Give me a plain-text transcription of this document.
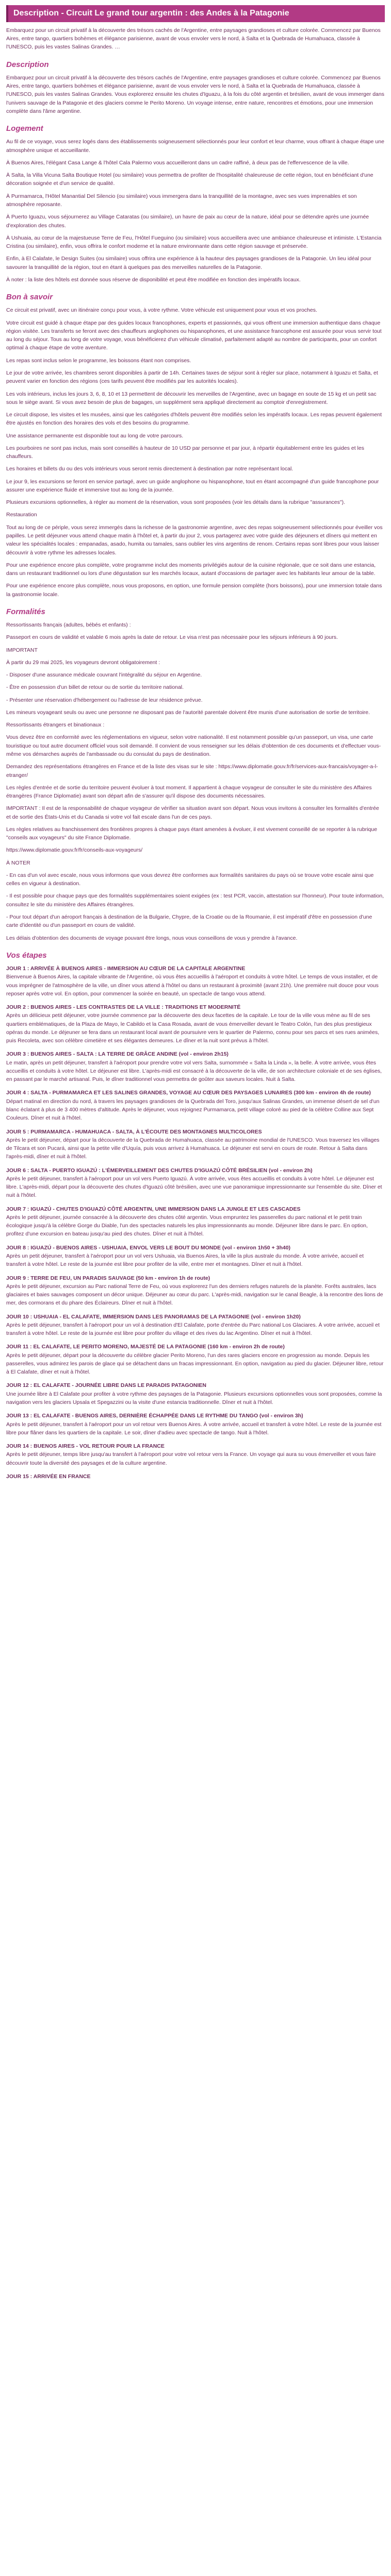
Description - Circuit Le grand tour argentin : des Andes à la Patagonie

Embarquez pour un circuit privatif à la découverte des trésors cachés de l'Argentine, entre paysages grandioses et culture colorée. Commencez par Buenos Aires, entre tango, quartiers bohèmes et élégance parisienne, avant de vous envoler vers le nord, à Salta et la Quebrada de Humahuaca, classée à l'UNESCO, puis les vastes Salinas Grandes. …

Description

Embarquez pour un circuit privatif à la découverte des trésors cachés de l'Argentine, entre paysages grandioses et culture colorée. Commencez par Buenos Aires, entre tango, quartiers bohèmes et élégance parisienne, avant de vous envoler vers le nord, à Salta et la Quebrada de Humahuaca, classée à l'UNESCO, puis les vastes Salinas Grandes. Vous explorerez ensuite les chutes d'Iguazu, à la fois du côté argentin et brésilien, avant de vous immerger dans l'univers sauvage de la Patagonie et des glaciers comme le Perito Moreno. Un voyage intense, entre nature, rencontres et émotions, pour une immersion complète dans l'âme argentine.

Logement

Au fil de ce voyage, vous serez logés dans des établissements soigneusement sélectionnés pour leur confort et leur charme, vous offrant à chaque étape une atmosphère unique et accueillante.

À Buenos Aires, l'élégant Casa Lange & l'hôtel Cala Palermo vous accueilleront dans un cadre raffiné, à deux pas de l'effervescence de la ville.

À Salta, la Villa Vicuna Salta Boutique Hotel (ou similaire) vous permettra de profiter de l'hospitalité chaleureuse de cette région, tout en bénéficiant d'une décoration soignée et d'un service de qualité.

À Purmamarca, l'Hôtel Manantial Del Silencio (ou similaire) vous immergera dans la tranquillité de la montagne, avec ses vues imprenables et son atmosphère reposante.

À Puerto Iguazu, vous séjournerez au Village Cataratas (ou similaire), un havre de paix au cœur de la nature, idéal pour se détendre après une journée d'exploration des chutes.

À Ushuaia, au cœur de la majestueuse Terre de Feu, l'Hôtel Fueguino (ou similaire) vous accueillera avec une ambiance chaleureuse et intimiste. L'Estancia Cristina (ou similaire), enfin, vous offrira le confort moderne et la nature environnante dans cette région sauvage et préservée.

Enfin, à El Calafate, le Design Suites (ou similaire) vous offrira une expérience à la hauteur des paysages grandioses de la Patagonie. Un lieu idéal pour savourer la tranquillité de la région, tout en étant à quelques pas des merveilles naturelles de la Patagonie.

À noter : la liste des hôtels est donnée sous réserve de disponibilité et peut être modifiée en fonction des impératifs locaux.

Bon à savoir

Ce circuit est privatif, avec un itinéraire conçu pour vous, à votre rythme. Votre véhicule est uniquement pour vous et vos proches.

Votre circuit est guidé à chaque étape par des guides locaux francophones, experts et passionnés, qui vous offrent une immersion authentique dans chaque région visitée. Les transferts se feront avec des chauffeurs anglophones ou hispanophones, et une assistance francophone est assurée pour vous servir tout au long du séjour. Tous au long de votre voyage, vous bénéficierez d'un véhicule climatisé, parfaitement adapté au nombre de participants, pour un confort optimal à chaque étape de votre aventure.

Les repas sont inclus selon le programme, les boissons étant non comprises.

Le jour de votre arrivée, les chambres seront disponibles à partir de 14h. Certaines taxes de séjour sont à régler sur place, notamment à Iguazu et Salta, et peuvent varier en fonction des régions (ces tarifs peuvent être modifiés par les autorités locales).

Les vols intérieurs, inclus les jours 3, 6, 8, 10 et 13 permettent de découvrir les merveilles de l'Argentine, avec un bagage en soute de 15 kg et un petit sac sous le siège avant. Si vous avez besoin de plus de bagages, un supplément sera appliqué directement au comptoir d'enregistrement.

Le circuit dispose, les visites et les musées, ainsi que les catégories d'hôtels peuvent être modifiés selon les impératifs locaux. Les repas peuvent également être ajustés en fonction des horaires des vols et des besoins du programme.

Une assistance permanente est disponible tout au long de votre parcours.

Les pourboires ne sont pas inclus, mais sont conseillés à hauteur de 10 USD par personne et par jour, à répartir équitablement entre les guides et les chauffeurs.

Les horaires et billets du ou des vols intérieurs vous seront remis directement à destination par notre représentant local.

Le jour 9, les excursions se feront en service partagé, avec un guide anglophone ou hispanophone, tout en étant accompagné d'un guide francophone pour assurer une expérience fluide et immersive tout au long de la journée.

Plusieurs excursions optionnelles, à régler au moment de la réservation, vous sont proposées (voir les détails dans la rubrique "assurances").

Restauration

Tout au long de ce périple, vous serez immergés dans la richesse de la gastronomie argentine, avec des repas soigneusement sélectionnés pour éveiller vos papilles. Le petit déjeuner vous attend chaque matin à l'hôtel et, à partir du jour 2, vous partagerez avec votre guide des déjeuners et dîners qui mettent en valeur les spécialités locales : empanadas, asado, humita ou tamales, sans oublier les vins argentins de renom. Certains repas sont libres pour vous laisser découvrir à votre rythme les adresses locales.

Pour une expérience encore plus complète, votre programme inclut des moments privilégiés autour de la cuisine régionale, que ce soit dans une estancia, dans un restaurant traditionnel ou lors d'une dégustation sur les marchés locaux, autant d'occasions de partager avec les habitants leur amour de la table.

Pour une expérience encore plus complète, nous vous proposons, en option, une formule pension complète (hors boissons), pour une immersion totale dans la gastronomie locale.

Formalités

Ressortissants français (adultes, bébés et enfants) :

Passeport en cours de validité et valable 6 mois après la date de retour. Le visa n'est pas nécessaire pour les séjours inférieurs à 90 jours.

IMPORTANT

À partir du 29 mai 2025, les voyageurs devront obligatoirement :

- Disposer d'une assurance médicale couvrant l'intégralité du séjour en Argentine.

- Être en possession d'un billet de retour ou de sortie du territoire national.

- Présenter une réservation d'hébergement ou l'adresse de leur résidence prévue.

Les mineurs voyageant seuls ou avec une personne ne disposant pas de l'autorité parentale doivent être munis d'une autorisation de sortie de territoire.

Ressortissants étrangers et binationaux :

Vous devez être en conformité avec les réglementations en vigueur, selon votre nationalité. Il est notamment possible qu'un passeport, un visa, une carte touristique ou tout autre document officiel vous soit demandé. Il convient de vous renseigner sur les délais d'obtention de ces documents et d'effectuer vous-même vos démarches auprès de l'ambassade ou du consulat du pays de destination.

Demandez des représentations étrangères en France et de la liste des visas sur le site : https://www.diplomatie.gouv.fr/fr/services-aux-francais/voyager-a-l-etranger/

Les règles d'entrée et de sortie du territoire peuvent évoluer à tout moment. Il appartient à chaque voyageur de consulter le site du ministère des Affaires étrangères (France Diplomatie) avant son départ afin de s'assurer qu'il dispose des documents nécessaires.

IMPORTANT : Il est de la responsabilité de chaque voyageur de vérifier sa situation avant son départ. Nous vous invitons à consulter les formalités d'entrée et de sortie des États-Unis et du Canada si votre vol fait escale dans l'un de ces pays.

Les règles relatives au franchissement des frontières propres à chaque pays étant amenées à évoluer, il est vivement conseillé de se reporter à la rubrique "conseils aux voyageurs" du site France Diplomatie.

https://www.diplomatie.gouv.fr/fr/conseils-aux-voyageurs/

À NOTER

- En cas d'un vol avec escale, nous vous informons que vous devrez être conformes aux formalités sanitaires du pays où se trouve votre escale ainsi que celles en vigueur à destination.

- Il est possible pour chaque pays que des formalités supplémentaires soient exigées (ex : test PCR, vaccin, attestation sur l'honneur). Pour toute information, consultez le site du ministère des Affaires étrangères.

- Pour tout départ d'un aéroport français à destination de la Bulgarie, Chypre, de la Croatie ou de la Roumanie, il est impératif d'être en possession d'une carte d'identité ou d'un passeport en cours de validité.

Les délais d'obtention des documents de voyage pouvant être longs, nous vous conseillons de vous y prendre à l'avance.

Vos étapes

JOUR 1 : ARRIVÉE À BUENOS AIRES - IMMERSION AU CŒUR DE LA CAPITALE ARGENTINE
Bienvenue à Buenos Aires, la capitale vibrante de l'Argentine, où vous êtes accueillis à l'aéroport et conduits à votre hôtel. Le temps de vous installer, et de vous imprégner de l'atmosphère de la ville, un dîner vous attend à l'hôtel ou dans un restaurant à proximité (avant 21h). Une première nuit douce pour vous reposer après votre vol. En option, pour commencer la soirée en beauté, un spectacle de tango vous attend.

JOUR 2 : BUENOS AIRES - LES CONTRASTES DE LA VILLE : TRADITIONS ET MODERNITÉ
Après un délicieux petit déjeuner, votre journée commence par la découverte des deux facettes de la capitale. Le tour de la ville vous mène au fil de ses quartiers emblématiques, de la Plaza de Mayo, le Cabildo et la Casa Rosada, avant de vous émerveiller devant le Teatro Colón, l'un des plus prestigieux opéras du monde. Le déjeuner se fera dans un restaurant local avant de poursuivre vers le quartier de Palermo, connu pour ses parcs et ses rues animées, puis Recoleta, avec son célèbre cimetière et ses élégantes demeures. Le dîner et la nuit sont prévus à l'hôtel.

JOUR 3 : BUENOS AIRES - SALTA : LA TERRE DE GRÂCE ANDINE (vol - environ 2h15)
Le matin, après un petit déjeuner, transfert à l'aéroport pour prendre votre vol vers Salta, surnommée « Salta la Linda », la belle. À votre arrivée, vous êtes accueillis et conduits à votre hôtel. Le déjeuner est libre. L'après-midi est consacré à la découverte de la ville, de son architecture coloniale et de ses églises, en passant par le marché artisanal. Puis, le dîner traditionnel vous permettra de goûter aux saveurs locales. Nuit à Salta.

JOUR 4 : SALTA - PURMAMARCA ET LES SALINES GRANDES, VOYAGE AU CŒUR DES PAYSAGES LUNAIRES (300 km - environ 4h de route)
Départ matinal en direction du nord, à travers les paysages grandioses de la Quebrada del Toro, jusqu'aux Salinas Grandes, un immense désert de sel d'un blanc éclatant à plus de 3 400 mètres d'altitude. Après le déjeuner, vous rejoignez Purmamarca, petit village coloré au pied de la célèbre Colline aux Sept Couleurs. Dîner et nuit à l'hôtel.

JOUR 5 : PURMAMARCA - HUMAHUACA - SALTA, À L'ÉCOUTE DES MONTAGNES MULTICOLORES
Après le petit déjeuner, départ pour la découverte de la Quebrada de Humahuaca, classée au patrimoine mondial de l'UNESCO. Vous traversez les villages de Tilcara et son Pucará, ainsi que la petite ville d'Uquía, puis vous arrivez à Humahuaca. Le déjeuner est servi en cours de route. Retour à Salta dans l'après-midi, dîner et nuit à l'hôtel.

JOUR 6 : SALTA - PUERTO IGUAZÚ : L'ÉMERVEILLEMENT DES CHUTES D'IGUAZÚ CÔTÉ BRÉSILIEN (vol - environ 2h)
Après le petit déjeuner, transfert à l'aéroport pour un vol vers Puerto Iguazú. À votre arrivée, vous êtes accueillis et conduits à votre hôtel. Le déjeuner est libre. L'après-midi, départ pour la découverte des chutes d'Iguazú côté brésilien, avec une vue panoramique impressionnante sur l'ensemble du site. Dîner et nuit à l'hôtel.

JOUR 7 : IGUAZÚ - CHUTES D'IGUAZÚ CÔTÉ ARGENTIN, UNE IMMERSION DANS LA JUNGLE ET LES CASCADES
Après le petit déjeuner, journée consacrée à la découverte des chutes côté argentin. Vous empruntez les passerelles du parc national et le petit train écologique jusqu'à la célèbre Gorge du Diable, l'un des spectacles naturels les plus impressionnants au monde. Déjeuner libre dans le parc. En option, profitez d'une excursion en bateau jusqu'au pied des chutes. Dîner et nuit à l'hôtel.

JOUR 8 : IGUAZÚ - BUENOS AIRES - USHUAIA, ENVOL VERS LE BOUT DU MONDE (vol - environ 1h50 + 3h40)
Après un petit déjeuner, transfert à l'aéroport pour un vol vers Ushuaia, via Buenos Aires, la ville la plus australe du monde. À votre arrivée, accueil et transfert à votre hôtel. Le reste de la journée est libre pour profiter de la ville, entre mer et montagnes. Dîner et nuit à l'hôtel.

JOUR 9 : TERRE DE FEU, UN PARADIS SAUVAGE (50 km - environ 1h de route)
Après le petit déjeuner, excursion au Parc national Terre de Feu, où vous explorerez l'un des derniers refuges naturels de la planète. Forêts australes, lacs glaciaires et baies sauvages composent un décor unique. Déjeuner au cœur du parc. L'après-midi, navigation sur le canal Beagle, à la rencontre des lions de mer, des cormorans et du phare des Éclaireurs. Dîner et nuit à l'hôtel.

JOUR 10 : USHUAIA - EL CALAFATE, IMMERSION DANS LES PANORAMAS DE LA PATAGONIE (vol - environ 1h20)
Après le petit déjeuner, transfert à l'aéroport pour un vol à destination d'El Calafate, porte d'entrée du Parc national Los Glaciares. À votre arrivée, accueil et transfert à votre hôtel. Le reste de la journée est libre pour profiter du village et des rives du lac Argentino. Dîner et nuit à l'hôtel.

JOUR 11 : EL CALAFATE, LE PERITO MORENO, MAJESTÉ DE LA PATAGONIE (160 km - environ 2h de route)
Après le petit déjeuner, départ pour la découverte du célèbre glacier Perito Moreno, l'un des rares glaciers encore en progression au monde. Depuis les passerelles, vous admirez les parois de glace qui se détachent dans un fracas impressionnant. En option, navigation au pied du glacier. Déjeuner libre, retour à El Calafate, dîner et nuit à l'hôtel.

JOUR 12 : EL CALAFATE - JOURNÉE LIBRE DANS LE PARADIS PATAGONIEN
Une journée libre à El Calafate pour profiter à votre rythme des paysages de la Patagonie. Plusieurs excursions optionnelles vous sont proposées, comme la navigation vers les glaciers Upsala et Spegazzini ou la visite d'une estancia traditionnelle. Dîner et nuit à l'hôtel.

JOUR 13 : EL CALAFATE - BUENOS AIRES, DERNIÈRE ÉCHAPPÉE DANS LE RYTHME DU TANGO (vol - environ 3h)
Après le petit déjeuner, transfert à l'aéroport pour un vol retour vers Buenos Aires. À votre arrivée, accueil et transfert à votre hôtel. Le reste de la journée est libre pour flâner dans les quartiers de la capitale. Le soir, dîner d'adieu avec spectacle de tango. Nuit à l'hôtel.

JOUR 14 : BUENOS AIRES - VOL RETOUR POUR LA FRANCE
Après le petit déjeuner, temps libre jusqu'au transfert à l'aéroport pour votre vol retour vers la France. Un voyage qui aura su vous émerveiller et vous faire découvrir toute la diversité des paysages et de la culture argentine.

JOUR 15 : ARRIVÉE EN FRANCE
